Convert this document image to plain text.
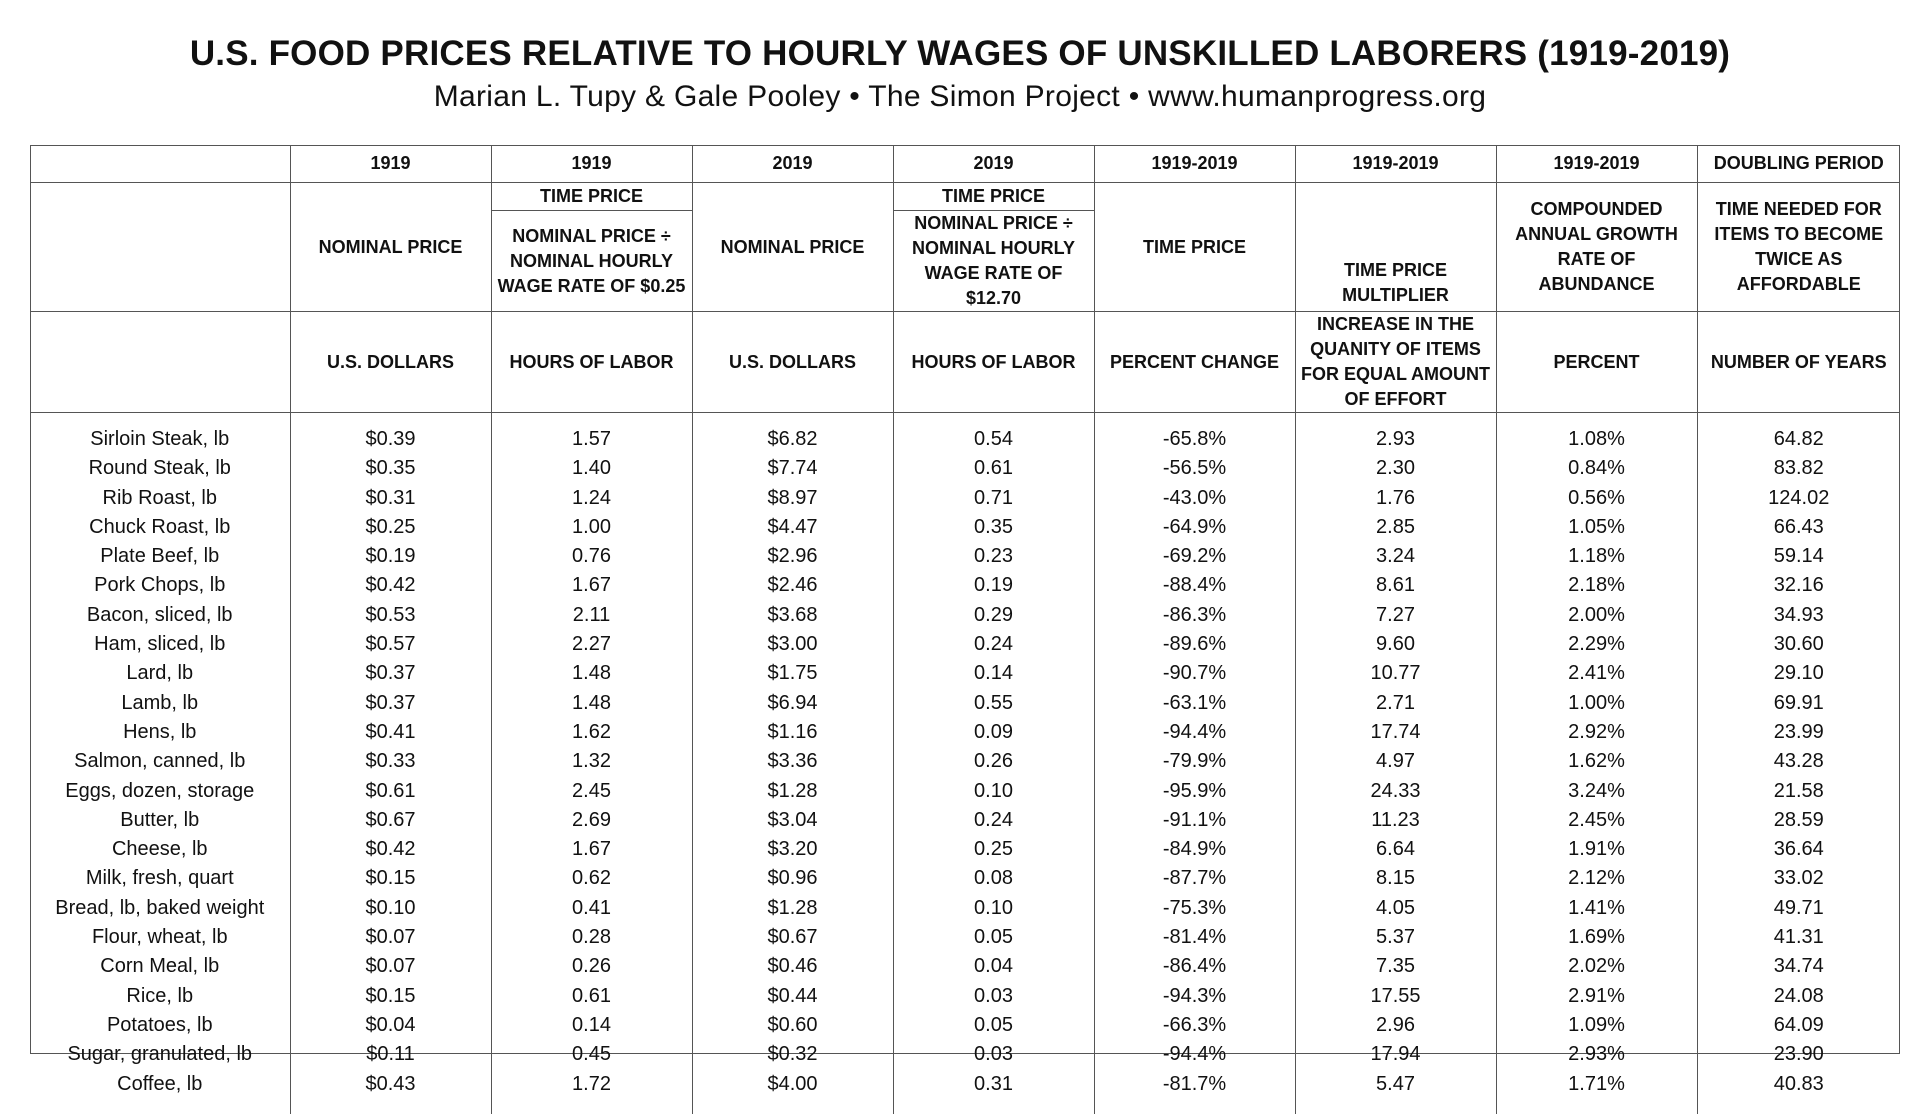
U.S. FOOD PRICES RELATIVE TO HOURLY WAGES OF UNSKILLED LABORERS (1919-2019)
Marian L. Tupy & Gale Pooley • The Simon Project • www.humanprogress.org
	1919	1919	2019	2019	1919-2019	1919-2019	1919-2019	DOUBLING PERIOD
	NOMINAL PRICE	TIME PRICE	NOMINAL PRICE	TIME PRICE	TIME PRICE	TIME PRICE MULTIPLIER	COMPOUNDED ANNUAL GROWTH RATE OF ABUNDANCE	TIME NEEDED FOR ITEMS TO BECOME TWICE AS AFFORDABLE
		NOMINAL PRICE ÷ NOMINAL HOURLY WAGE RATE OF $0.25		NOMINAL PRICE ÷ NOMINAL HOURLY WAGE RATE OF $12.70				
	U.S. DOLLARS	HOURS OF LABOR	U.S. DOLLARS	HOURS OF LABOR	PERCENT CHANGE	INCREASE IN THE QUANITY OF ITEMS FOR EQUAL AMOUNT OF EFFORT	PERCENT	NUMBER OF YEARS

Sirloin Steak, lb	$0.39	1.57	$6.82	0.54	-65.8%	2.93	1.08%	64.82
Round Steak, lb	$0.35	1.40	$7.74	0.61	-56.5%	2.30	0.84%	83.82
Rib Roast, lb	$0.31	1.24	$8.97	0.71	-43.0%	1.76	0.56%	124.02
Chuck Roast, lb	$0.25	1.00	$4.47	0.35	-64.9%	2.85	1.05%	66.43
Plate Beef, lb	$0.19	0.76	$2.96	0.23	-69.2%	3.24	1.18%	59.14
Pork Chops, lb	$0.42	1.67	$2.46	0.19	-88.4%	8.61	2.18%	32.16
Bacon, sliced, lb	$0.53	2.11	$3.68	0.29	-86.3%	7.27	2.00%	34.93
Ham, sliced, lb	$0.57	2.27	$3.00	0.24	-89.6%	9.60	2.29%	30.60
Lard, lb	$0.37	1.48	$1.75	0.14	-90.7%	10.77	2.41%	29.10
Lamb, lb	$0.37	1.48	$6.94	0.55	-63.1%	2.71	1.00%	69.91
Hens, lb	$0.41	1.62	$1.16	0.09	-94.4%	17.74	2.92%	23.99
Salmon, canned, lb	$0.33	1.32	$3.36	0.26	-79.9%	4.97	1.62%	43.28
Eggs, dozen, storage	$0.61	2.45	$1.28	0.10	-95.9%	24.33	3.24%	21.58
Butter, lb	$0.67	2.69	$3.04	0.24	-91.1%	11.23	2.45%	28.59
Cheese, lb	$0.42	1.67	$3.20	0.25	-84.9%	6.64	1.91%	36.64
Milk, fresh, quart	$0.15	0.62	$0.96	0.08	-87.7%	8.15	2.12%	33.02
Bread, lb, baked weight	$0.10	0.41	$1.28	0.10	-75.3%	4.05	1.41%	49.71
Flour, wheat, lb	$0.07	0.28	$0.67	0.05	-81.4%	5.37	1.69%	41.31
Corn Meal, lb	$0.07	0.26	$0.46	0.04	-86.4%	7.35	2.02%	34.74
Rice, lb	$0.15	0.61	$0.44	0.03	-94.3%	17.55	2.91%	24.08
Potatoes, lb	$0.04	0.14	$0.60	0.05	-66.3%	2.96	1.09%	64.09
Sugar, granulated, lb	$0.11	0.45	$0.32	0.03	-94.4%	17.94	2.93%	23.90
Coffee, lb	$0.43	1.72	$4.00	0.31	-81.7%	5.47	1.71%	40.83
